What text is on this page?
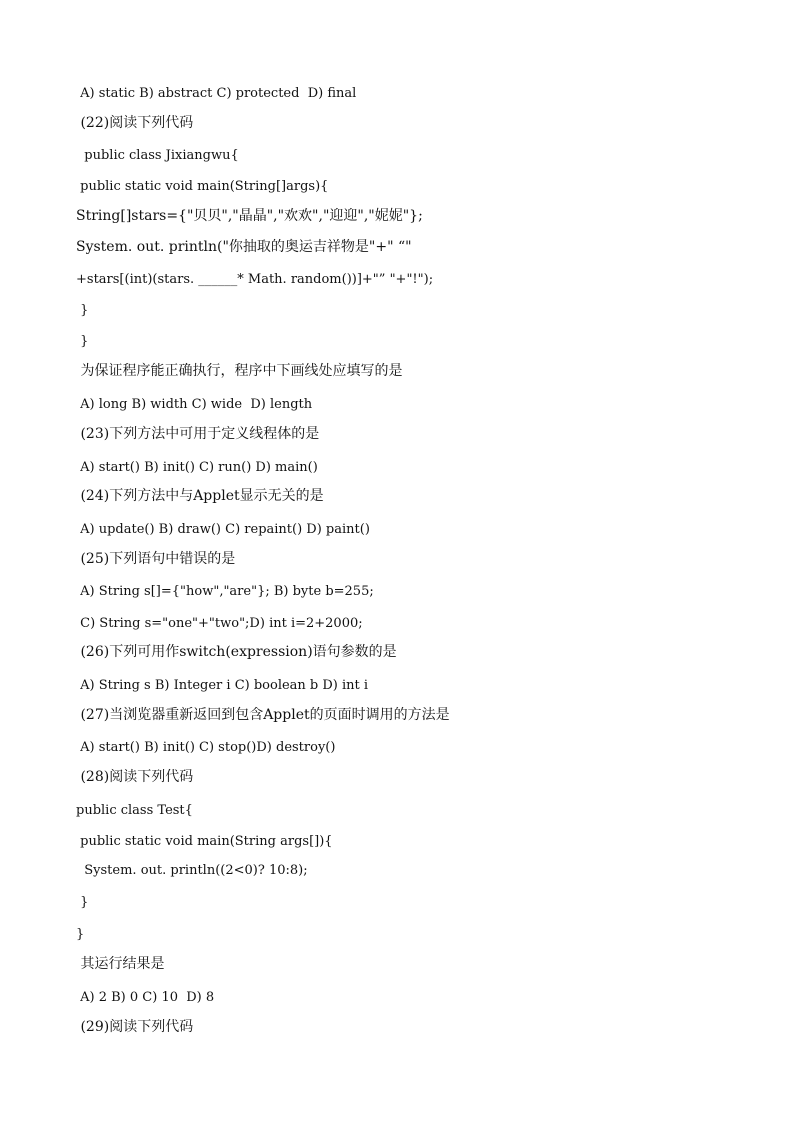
A) static B) abstract C) protected  D) final
(22)阅读下列代码
public class Jixiangwu{
public static void main(String[]args){
String[]stars={"贝贝","晶晶","欢欢","迎迎","妮妮"};
System. out. println("你抽取的奥运吉祥物是"+" “"
+stars[(int)(stars. ______* Math. random())]+"” "+"!");
}
}
为保证程序能正确执行，程序中下画线处应填写的是
A) long B) width C) wide  D) length
(23)下列方法中可用于定义线程体的是
A) start() B) init() C) run() D) main()
(24)下列方法中与Applet显示无关的是
A) update() B) draw() C) repaint() D) paint()
(25)下列语句中错误的是
A) String s[]={"how","are"}; B) byte b=255;
C) String s="one"+"two";D) int i=2+2000;
(26)下列可用作switch(expression)语句参数的是
A) String s B) Integer i C) boolean b D) int i
(27)当浏览器重新返回到包含Applet的页面时调用的方法是
A) start() B) init() C) stop()D) destroy()
(28)阅读下列代码
public class Test{
public static void main(String args[]){
System. out. println((2<0)? 10:8);
}
}
其运行结果是
A) 2 B) 0 C) 10  D) 8
(29)阅读下列代码
